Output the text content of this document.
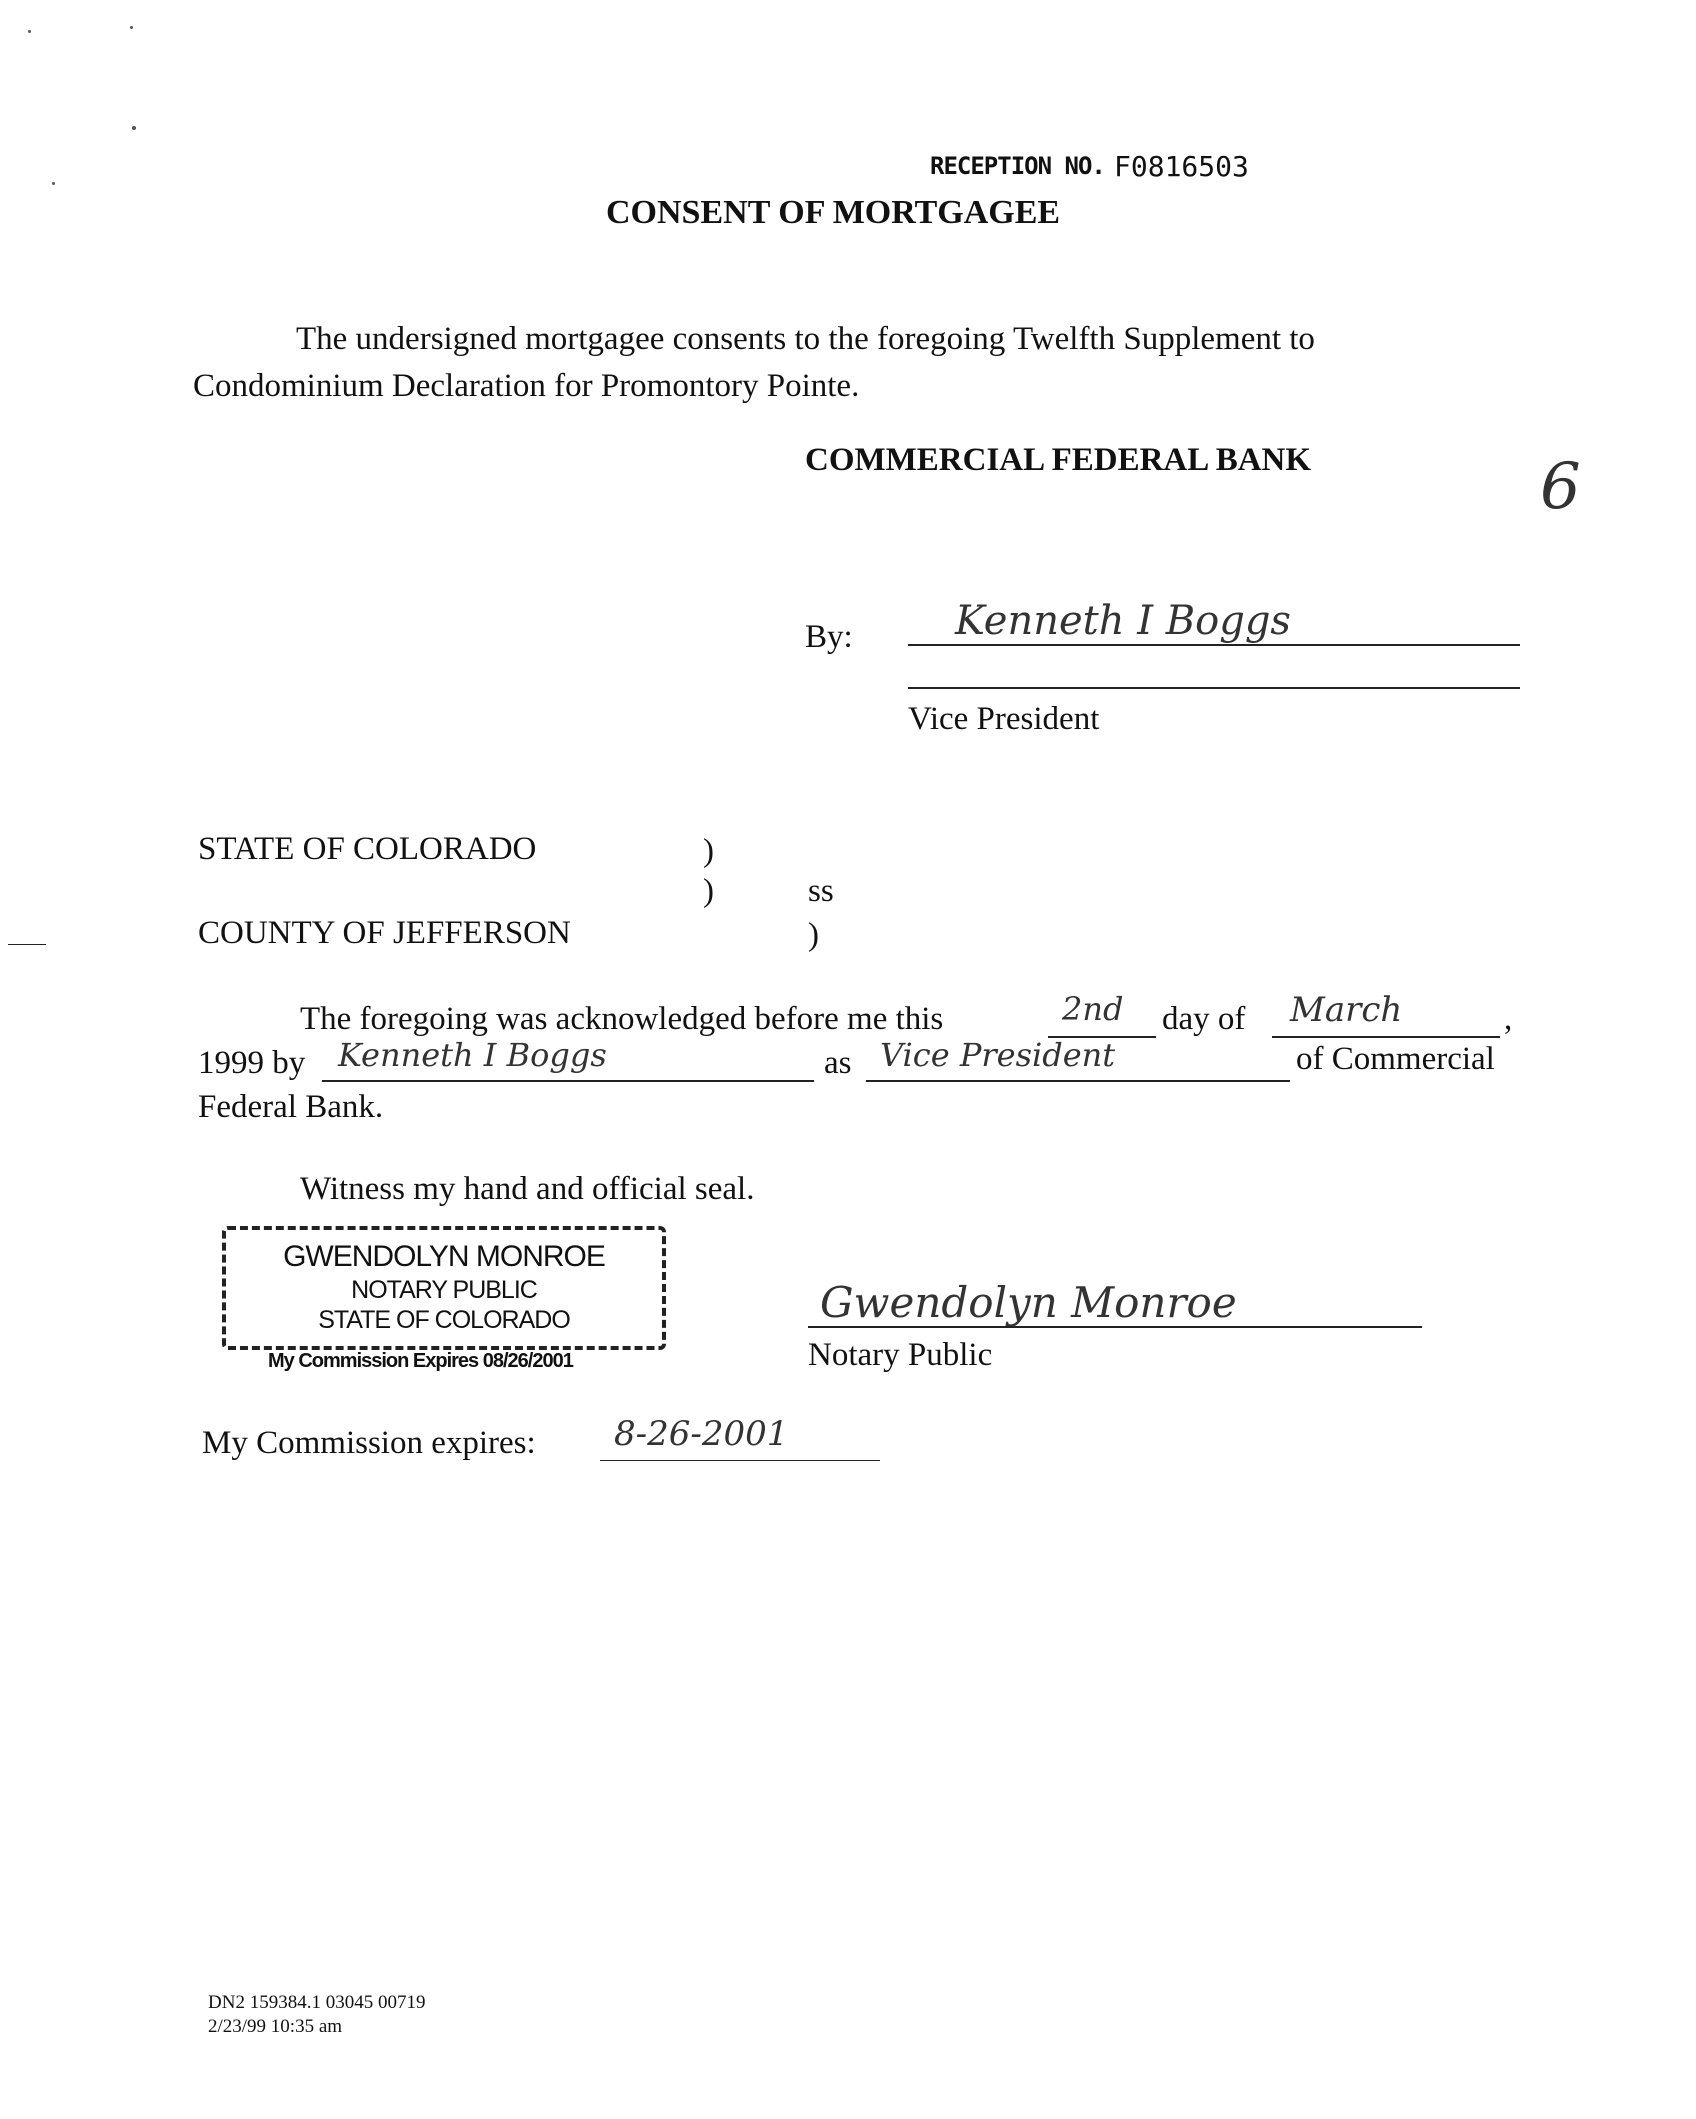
RECEPTION NO. F0816503
CONSENT OF MORTGAGEE
The undersigned mortgagee consents to the foregoing Twelfth Supplement to
Condominium Declaration for Promontory Pointe.
COMMERCIAL FEDERAL BANK	6
By:	Kenneth I Boggs
Vice President
STATE OF COLORADO	)
)	ss
COUNTY OF JEFFERSON	)
The foregoing was acknowledged before me this	2nd day of March	,
1999 by Kenneth I Boggs	as Vice President	of Commercial
Federal Bank.
Witness my hand and official seal.
GWENDOLYN MONROE
NOTARY PUBLIC
STATE OF COLORADO
My Commission Expires 08/26/2001
Gwendolyn Monroe
Notary Public
My Commission expires: 8-26-2001
DN2 159384.1 03045 00719
2/23/99 10:35 am
